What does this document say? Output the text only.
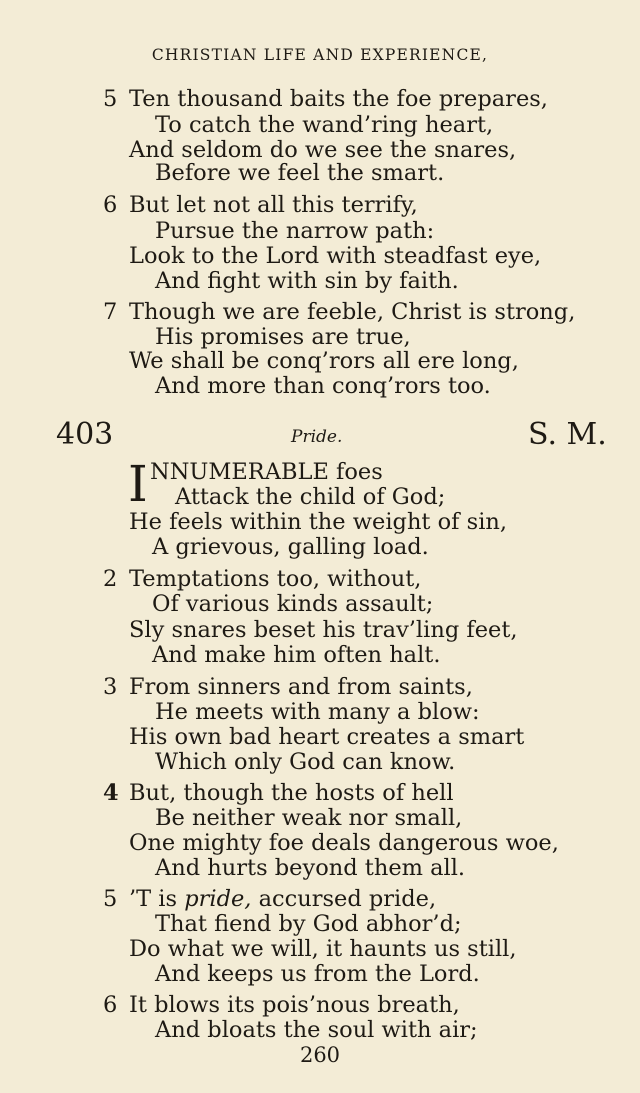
CHRISTIAN LIFE AND EXPERIENCE,
5 Ten thousand baits the foe prepares,
To catch the wand’ring heart,
And seldom do we see the snares,
Before we feel the smart.
6 But let not all this terrify,
Pursue the narrow path:
Look to the Lord with steadfast eye,
And fight with sin by faith.
7 Though we are feeble, Christ is strong,
His promises are true,
We shall be conq’rors all ere long,
And more than conq’rors too.
403	Pride.	S. M.
I NNUMERABLE foes
Attack the child of God;
He feels within the weight of sin,
A grievous, galling load.
2 Temptations too, without,
Of various kinds assault;
Sly snares beset his trav’ling feet,
And make him often halt.
3 From sinners and from saints,
He meets with many a blow:
His own bad heart creates a smart
Which only God can know.
4 But, though the hosts of hell
Be neither weak nor small,
One mighty foe deals dangerous woe,
And hurts beyond them all.
5 ’T is pride, accursed pride,
That fiend by God abhor’d;
Do what we will, it haunts us still,
And keeps us from the Lord.
6 It blows its pois’nous breath,
And bloats the soul with air;
260
